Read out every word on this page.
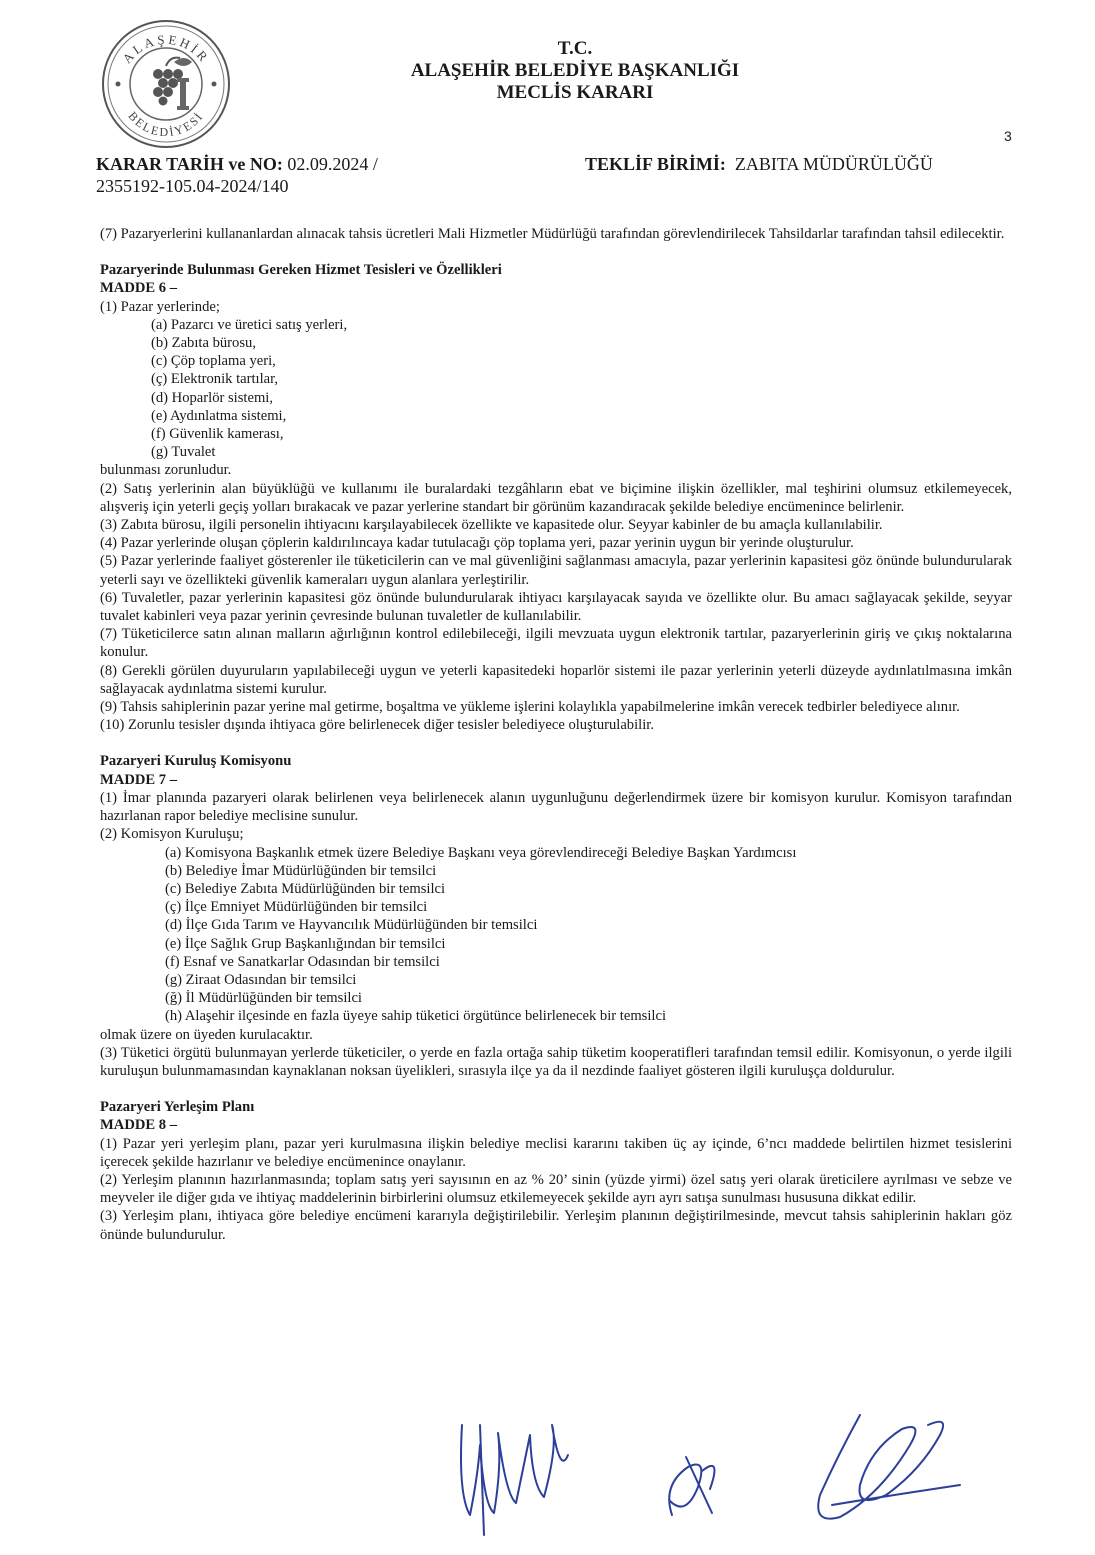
ALAŞEHİR
BELEDİYESİ
T.C.
ALAŞEHİR BELEDİYE BAŞKANLIĞI
MECLİS KARARI
3
KARAR TARİH ve NO: 02.09.2024 /
2355192-105.04-2024/140
TEKLİF BİRİMİ: ZABITA MÜDÜRÜLÜĞÜ

(7) Pazaryerlerini kullananlardan alınacak tahsis ücretleri Mali Hizmetler Müdürlüğü tarafından görevlendirilecek Tahsildarlar tarafından tahsil edilecektir.

Pazaryerinde Bulunması Gereken Hizmet Tesisleri ve Özellikleri

MADDE 6 –

(1) Pazar yerlerinde;

(a) Pazarcı ve üretici satış yerleri,

(b) Zabıta bürosu,

(c) Çöp toplama yeri,

(ç) Elektronik tartılar,

(d) Hoparlör sistemi,

(e) Aydınlatma sistemi,

(f) Güvenlik kamerası,

(g) Tuvalet

bulunması zorunludur.

(2) Satış yerlerinin alan büyüklüğü ve kullanımı ile buralardaki tezgâhların ebat ve biçimine ilişkin özellikler, mal teşhirini olumsuz etkilemeyecek, alışveriş için yeterli geçiş yolları bırakacak ve pazar yerlerine standart bir görünüm kazandıracak şekilde belediye encümenince belirlenir.

(3) Zabıta bürosu, ilgili personelin ihtiyacını karşılayabilecek özellikte ve kapasitede olur. Seyyar kabinler de bu amaçla kullanılabilir.

(4) Pazar yerlerinde oluşan çöplerin kaldırılıncaya kadar tutulacağı çöp toplama yeri, pazar yerinin uygun bir yerinde oluşturulur.

(5) Pazar yerlerinde faaliyet gösterenler ile tüketicilerin can ve mal güvenliğini sağlanması amacıyla, pazar yerlerinin kapasitesi göz önünde bulundurularak yeterli sayı ve özellikteki güvenlik kameraları uygun alanlara yerleştirilir.

(6) Tuvaletler, pazar yerlerinin kapasitesi göz önünde bulundurularak ihtiyacı karşılayacak sayıda ve özellikte olur. Bu amacı sağlayacak şekilde, seyyar tuvalet kabinleri veya pazar yerinin çevresinde bulunan tuvaletler de kullanılabilir.

(7) Tüketicilerce satın alınan malların ağırlığının kontrol edilebileceği, ilgili mevzuata uygun elektronik tartılar, pazaryerlerinin giriş ve çıkış noktalarına konulur.

(8) Gerekli görülen duyuruların yapılabileceği uygun ve yeterli kapasitedeki hoparlör sistemi ile pazar yerlerinin yeterli düzeyde aydınlatılmasına imkân sağlayacak aydınlatma sistemi kurulur.

(9) Tahsis sahiplerinin pazar yerine mal getirme, boşaltma ve yükleme işlerini kolaylıkla yapabilmelerine imkân verecek tedbirler belediyece alınır.

(10) Zorunlu tesisler dışında ihtiyaca göre belirlenecek diğer tesisler belediyece oluşturulabilir.

Pazaryeri Kuruluş Komisyonu

MADDE 7 –

(1) İmar planında pazaryeri olarak belirlenen veya belirlenecek alanın uygunluğunu değerlendirmek üzere bir komisyon kurulur. Komisyon tarafından hazırlanan rapor belediye meclisine sunulur.

(2) Komisyon Kuruluşu;

(a) Komisyona Başkanlık etmek üzere Belediye Başkanı veya görevlendireceği Belediye Başkan Yardımcısı

(b) Belediye İmar Müdürlüğünden bir temsilci

(c) Belediye Zabıta Müdürlüğünden bir temsilci

(ç) İlçe Emniyet Müdürlüğünden bir temsilci

(d) İlçe Gıda Tarım ve Hayvancılık Müdürlüğünden bir temsilci

(e) İlçe Sağlık Grup Başkanlığından bir temsilci

(f) Esnaf ve Sanatkarlar Odasından bir temsilci

(g) Ziraat Odasından bir temsilci

(ğ) İl Müdürlüğünden bir temsilci

(h) Alaşehir ilçesinde en fazla üyeye sahip tüketici örgütünce belirlenecek bir temsilci

olmak üzere on üyeden kurulacaktır.

(3) Tüketici örgütü bulunmayan yerlerde tüketiciler, o yerde en fazla ortağa sahip tüketim kooperatifleri tarafından temsil edilir. Komisyonun, o yerde ilgili kuruluşun bulunmamasından kaynaklanan noksan üyelikleri, sırasıyla ilçe ya da il nezdinde faaliyet gösteren ilgili kuruluşça doldurulur.

Pazaryeri Yerleşim Planı

MADDE 8 –

(1) Pazar yeri yerleşim planı, pazar yeri kurulmasına ilişkin belediye meclisi kararını takiben üç ay içinde, 6’ncı maddede belirtilen hizmet tesislerini içerecek şekilde hazırlanır ve belediye encümenince onaylanır.

(2) Yerleşim planının hazırlanmasında; toplam satış yeri sayısının en az % 20’ sinin (yüzde yirmi) özel satış yeri olarak üreticilere ayrılması ve sebze ve meyveler ile diğer gıda ve ihtiyaç maddelerinin birbirlerini olumsuz etkilemeyecek şekilde ayrı ayrı satışa sunulması hususuna dikkat edilir.

(3) Yerleşim planı, ihtiyaca göre belediye encümeni kararıyla değiştirilebilir. Yerleşim planının değiştirilmesinde, mevcut tahsis sahiplerinin hakları göz önünde bulundurulur.
